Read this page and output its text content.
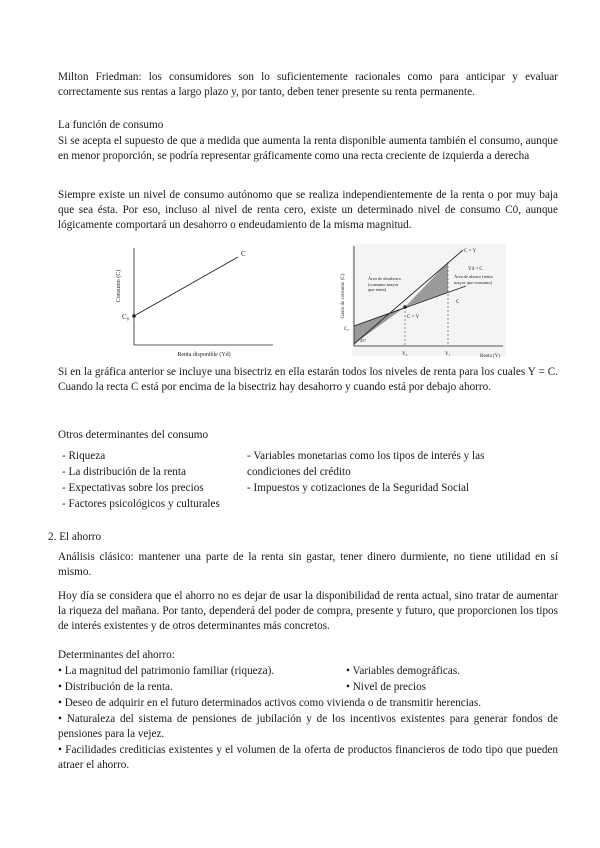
Milton Friedman: los consumidores son lo suficientemente racionales como para anticipar y evaluar correctamente sus rentas a largo plazo y, por tanto, deben tener presente su renta permanente.

La función de consumo

Si se acepta el supuesto de que a medida que aumenta la renta disponible aumenta también el consumo, aunque en menor proporción, se podría representar gráficamente como una recta creciente de izquierda a derecha

Siempre existe un nivel de consumo autónomo que se realiza independientemente de la renta o por muy baja que sea ésta. Por eso, incluso al nivel de renta cero, existe un determinado nivel de consumo C0, aunque lógicamente comportará un desahorro o endeudamiento de la misma magnitud.

Consumo (C)
Renta disponible (Yd)
C₀
C
Gasto de consumo (C)
Renta (Y)
C = Y
Yd = C
C
C₀
C = Y
45°
Y₀	Y₁
Área de desahorro (consumo mayor que renta)
Área de ahorro (renta mayor que consumo)

Si en la gráfica anterior se incluye una bisectriz en ella estarán todos los niveles de renta para los cuales Y = C. Cuando la recta C está por encima de la bisectriz hay desahorro y cuando está por debajo ahorro.

Otros determinantes del consumo

- Riqueza

- La distribución de la renta

- Expectativas sobre los precios

- Factores psicológicos y culturales

- Variables monetarias como los tipos de interés y las

condiciones del crédito

- Impuestos y cotizaciones de la Seguridad Social

2. El ahorro

Análisis clásico: mantener una parte de la renta sin gastar, tener dinero durmiente, no tiene utilidad en sí mismo.

Hoy día se considera que el ahorro no es dejar de usar la disponibilidad de renta actual, sino tratar de aumentar la riqueza del mañana. Por tanto, dependerá del poder de compra, presente y futuro, que proporcionen los tipos de interés existentes y de otros determinantes más concretos.

Determinantes del ahorro:

• La magnitud del patrimonio familiar (riqueza).	• Variables demográficas.

• Distribución de la renta.	• Nivel de precios

• Deseo de adquirir en el futuro determinados activos como vivienda o de transmitir herencias.

• Naturaleza del sistema de pensiones de jubilación y de los incentivos existentes para generar fondos de pensiones para la vejez.

• Facilidades crediticias existentes y el volumen de la oferta de productos financieros de todo tipo que pueden atraer el ahorro.
